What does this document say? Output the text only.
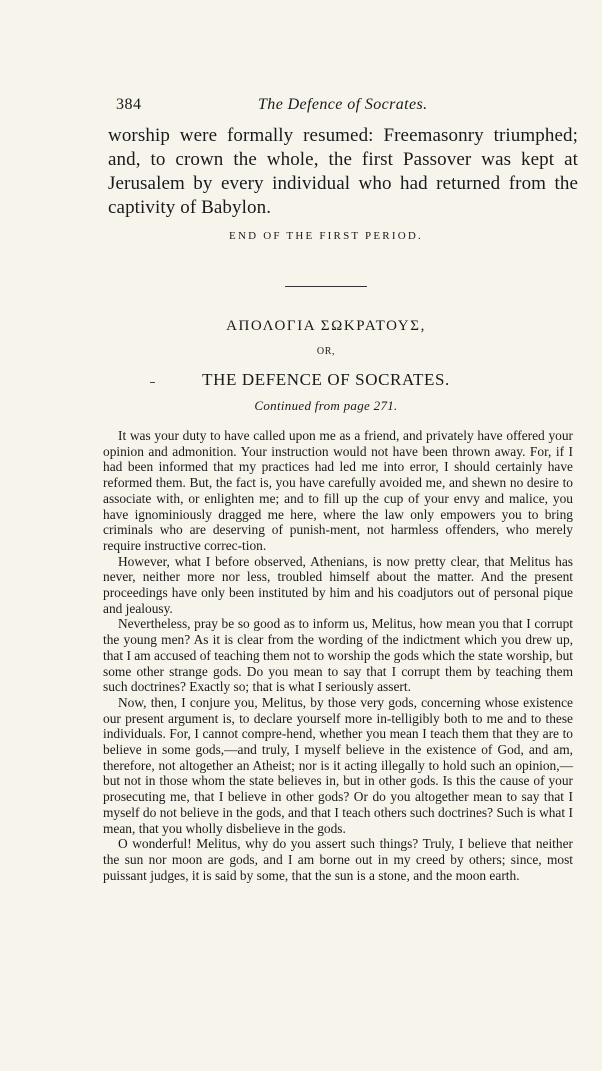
384	The Defence of Socrates.
worship were formally resumed: Freemasonry triumphed; and, to crown the whole, the first Passover was kept at Jerusalem by every individual who had returned from the captivity of Babylon.
END OF THE FIRST PERIOD.
ΑΠΟΛΟΓΙΑ ΣΩΚΡΑΤΟΥΣ,
OR,
THE DEFENCE OF SOCRATES.
Continued from page 271.

It was your duty to have called upon me as a friend, and privately have offered your opinion and admonition. Your instruction would not have been thrown away. For, if I had been informed that my practices had led me into error, I should certainly have reformed them. But, the fact is, you have carefully avoided me, and shewn no desire to associate with, or enlighten me; and to fill up the cup of your envy and malice, you have ignominiously dragged me here, where the law only empowers you to bring criminals who are deserving of punish-ment, not harmless offenders, who merely require instructive correc-tion.

However, what I before observed, Athenians, is now pretty clear, that Melitus has never, neither more nor less, troubled himself about the matter. And the present proceedings have only been instituted by him and his coadjutors out of personal pique and jealousy.

Nevertheless, pray be so good as to inform us, Melitus, how mean you that I corrupt the young men? As it is clear from the wording of the indictment which you drew up, that I am accused of teaching them not to worship the gods which the state worship, but some other strange gods. Do you mean to say that I corrupt them by teaching them such doctrines? Exactly so; that is what I seriously assert.

Now, then, I conjure you, Melitus, by those very gods, concerning whose existence our present argument is, to declare yourself more in-telligibly both to me and to these individuals. For, I cannot compre-hend, whether you mean I teach them that they are to believe in some gods,—and truly, I myself believe in the existence of God, and am, therefore, not altogether an Atheist; nor is it acting illegally to hold such an opinion,—but not in those whom the state believes in, but in other gods. Is this the cause of your prosecuting me, that I believe in other gods? Or do you altogether mean to say that I myself do not believe in the gods, and that I teach others such doctrines? Such is what I mean, that you wholly disbelieve in the gods.

O wonderful! Melitus, why do you assert such things? Truly, I believe that neither the sun nor moon are gods, and I am borne out in my creed by others; since, most puissant judges, it is said by some, that the sun is a stone, and the moon earth.
